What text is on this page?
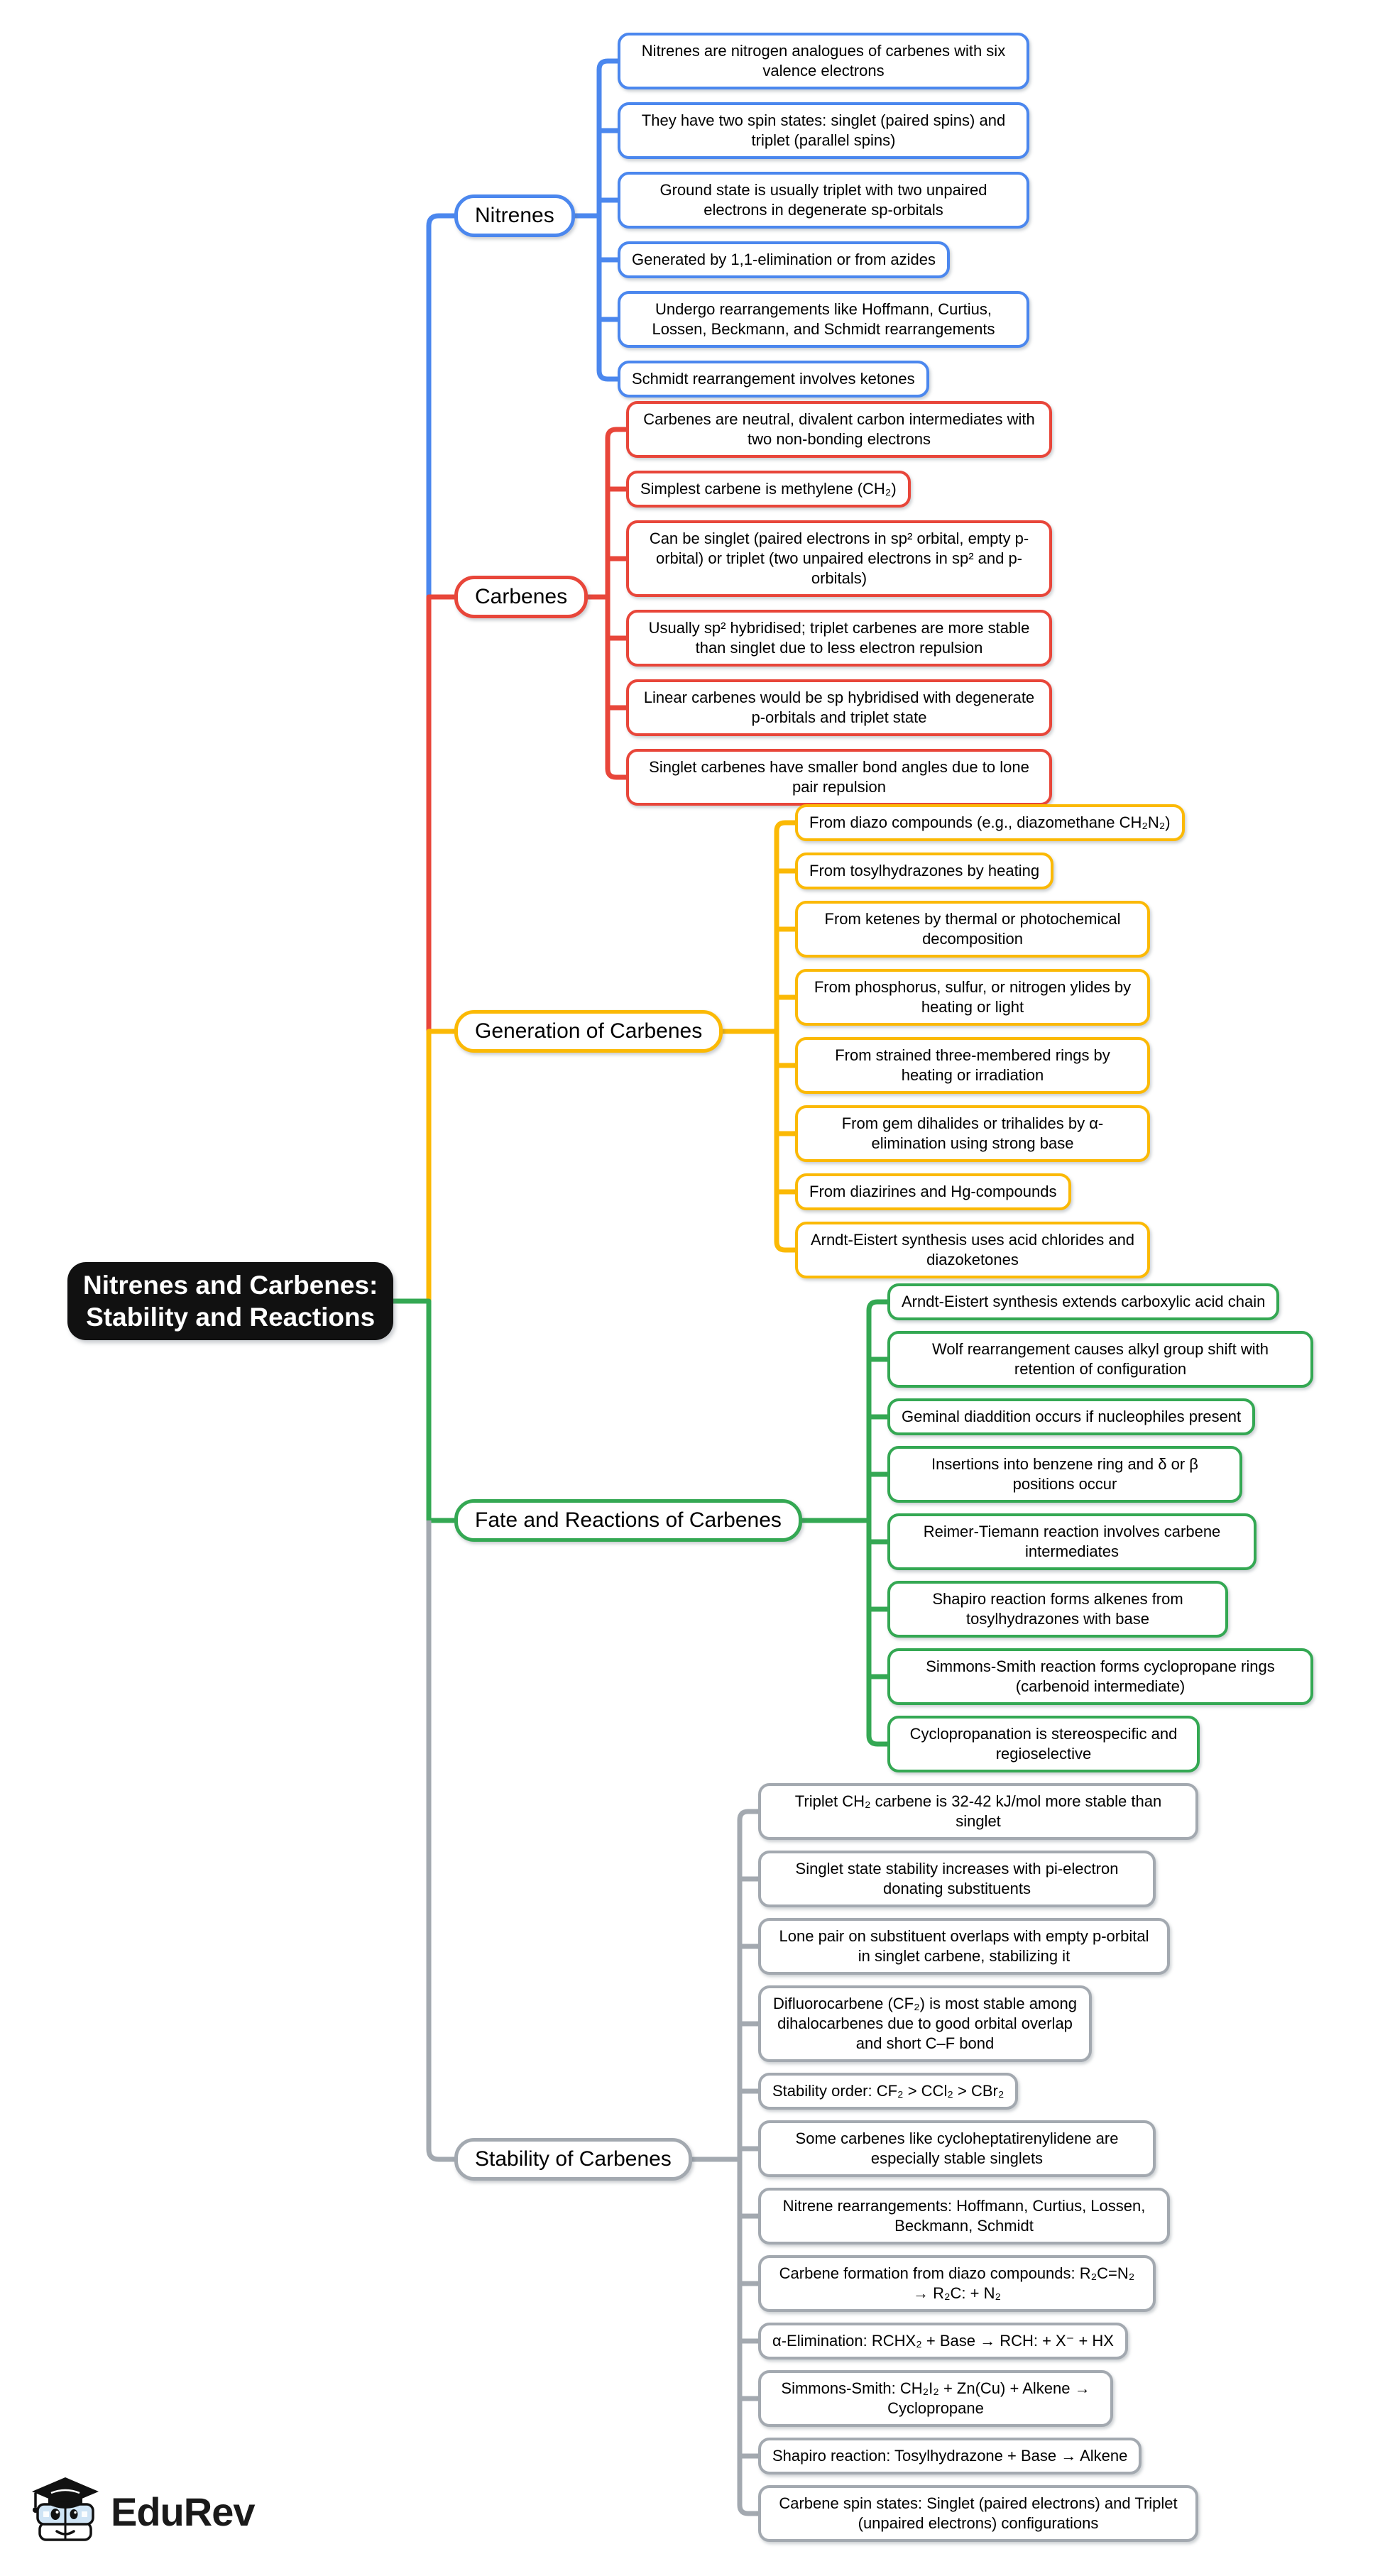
Nitrenes and Carbenes:
Stability and Reactions
Nitrenes
Carbenes
Generation of Carbenes
Fate and Reactions of Carbenes
Stability of Carbenes
Nitrenes are nitrogen analogues of carbenes with six valence electrons
They have two spin states: singlet (paired spins) and triplet (parallel spins)
Ground state is usually triplet with two unpaired electrons in degenerate sp-orbitals
Generated by 1,1-elimination or from azides
Undergo rearrangements like Hoffmann, Curtius, Lossen, Beckmann, and Schmidt rearrangements
Schmidt rearrangement involves ketones
Carbenes are neutral, divalent carbon intermediates with two non-bonding electrons
Simplest carbene is methylene (CH₂)
Can be singlet (paired electrons in sp² orbital, empty p-orbital) or triplet (two unpaired electrons in sp² and p-orbitals)
Usually sp² hybridised; triplet carbenes are more stable than singlet due to less electron repulsion
Linear carbenes would be sp hybridised with degenerate p-orbitals and triplet state
Singlet carbenes have smaller bond angles due to lone pair repulsion
From diazo compounds (e.g., diazomethane CH₂N₂)
From tosylhydrazones by heating
From ketenes by thermal or photochemical decomposition
From phosphorus, sulfur, or nitrogen ylides by heating or light
From strained three-membered rings by heating or irradiation
From gem dihalides or trihalides by α-elimination using strong base
From diazirines and Hg-compounds
Arndt-Eistert synthesis uses acid chlorides and diazoketones
Arndt-Eistert synthesis extends carboxylic acid chain
Wolf rearrangement causes alkyl group shift with retention of configuration
Geminal diaddition occurs if nucleophiles present
Insertions into benzene ring and δ or β positions occur
Reimer-Tiemann reaction involves carbene intermediates
Shapiro reaction forms alkenes from tosylhydrazones with base
Simmons-Smith reaction forms cyclopropane rings (carbenoid intermediate)
Cyclopropanation is stereospecific and regioselective
Triplet CH₂ carbene is 32-42 kJ/mol more stable than singlet
Singlet state stability increases with pi-electron donating substituents
Lone pair on substituent overlaps with empty p-orbital in singlet carbene, stabilizing it
Difluorocarbene (CF₂) is most stable among dihalocarbenes due to good orbital overlap and short C–F bond
Stability order: CF₂ > CCl₂ > CBr₂
Some carbenes like cycloheptatirenylidene are especially stable singlets
Nitrene rearrangements: Hoffmann, Curtius, Lossen, Beckmann, Schmidt
Carbene formation from diazo compounds: R₂C=N₂ → R₂C: + N₂
α-Elimination: RCHX₂ + Base → RCH: + X⁻ + HX
Simmons-Smith: CH₂I₂ + Zn(Cu) + Alkene → Cyclopropane
Shapiro reaction: Tosylhydrazone + Base → Alkene
Carbene spin states: Singlet (paired electrons) and Triplet (unpaired electrons) configurations
EduRev
